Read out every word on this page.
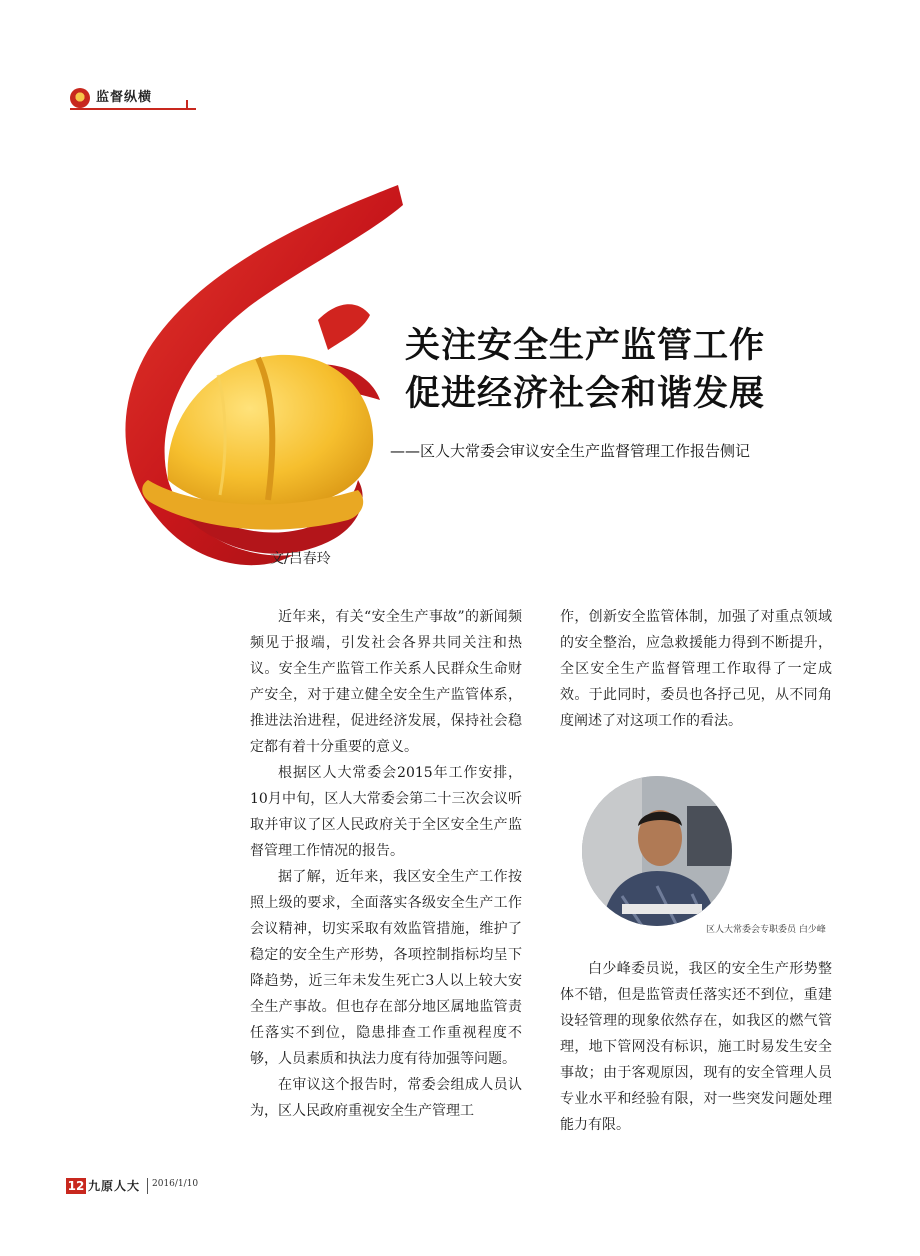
监督纵横
关注安全生产监管工作
促进经济社会和谐发展
——区人大常委会审议安全生产监督管理工作报告侧记
文/吕春玲

近年来，有关“安全生产事故”的新闻频频见于报端，引发社会各界共同关注和热议。安全生产监管工作关系人民群众生命财产安全，对于建立健全安全生产监管体系，推进法治进程，促进经济发展，保持社会稳定都有着十分重要的意义。

根据区人大常委会2015年工作安排，10月中旬，区人大常委会第二十三次会议听取并审议了区人民政府关于全区安全生产监督管理工作情况的报告。

据了解，近年来，我区安全生产工作按照上级的要求，全面落实各级安全生产工作会议精神，切实采取有效监管措施，维护了稳定的安全生产形势，各项控制指标均呈下降趋势，近三年未发生死亡3人以上较大安全生产事故。但也存在部分地区属地监管责任落实不到位，隐患排查工作重视程度不够，人员素质和执法力度有待加强等问题。

在审议这个报告时，常委会组成人员认为，区人民政府重视安全生产管理工

作，创新安全监管体制，加强了对重点领域的安全整治，应急救援能力得到不断提升，全区安全生产监督管理工作取得了一定成效。于此同时，委员也各抒己见，从不同角度阐述了对这项工作的看法。

区人大常委会专职委员 白少峰

白少峰委员说，我区的安全生产形势整体不错，但是监管责任落实还不到位，重建设轻管理的现象依然存在，如我区的燃气管理，地下管网没有标识，施工时易发生安全事故；由于客观原因，现有的安全管理人员专业水平和经验有限，对一些突发问题处理能力有限。

12 九原人大 2016/1/10
